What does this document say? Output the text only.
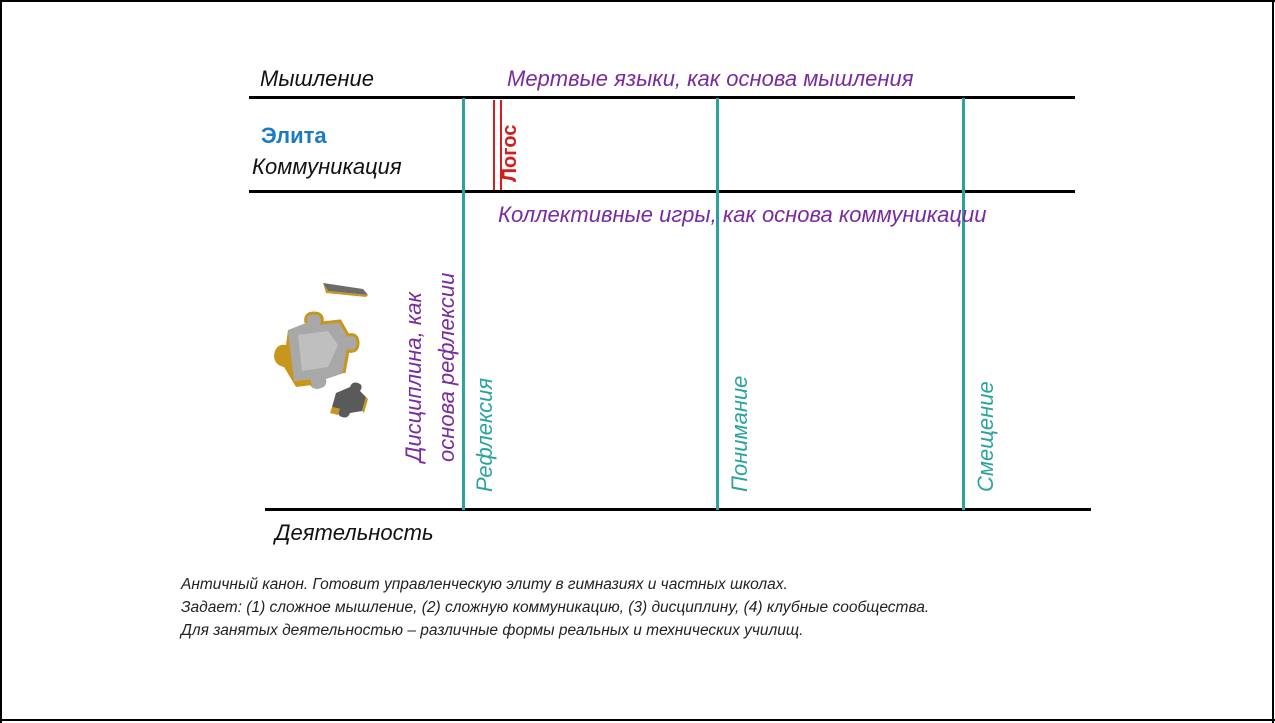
Мышление	Мертвые языки, как основа мышления
Элита
Коммуникация	Логос
Коллективные игры, как основа коммуникации
Дисциплина, как основа рефлексии Рефлексия	Понимание	Смещение
Деятельность
Античный канон. Готовит управленческую элиту в гимназиях и частных школах.
Задает: (1) сложное мышление, (2) сложную коммуникацию, (3) дисциплину, (4) клубные сообщества.
Для занятых деятельностью – различные формы реальных и технических училищ.
